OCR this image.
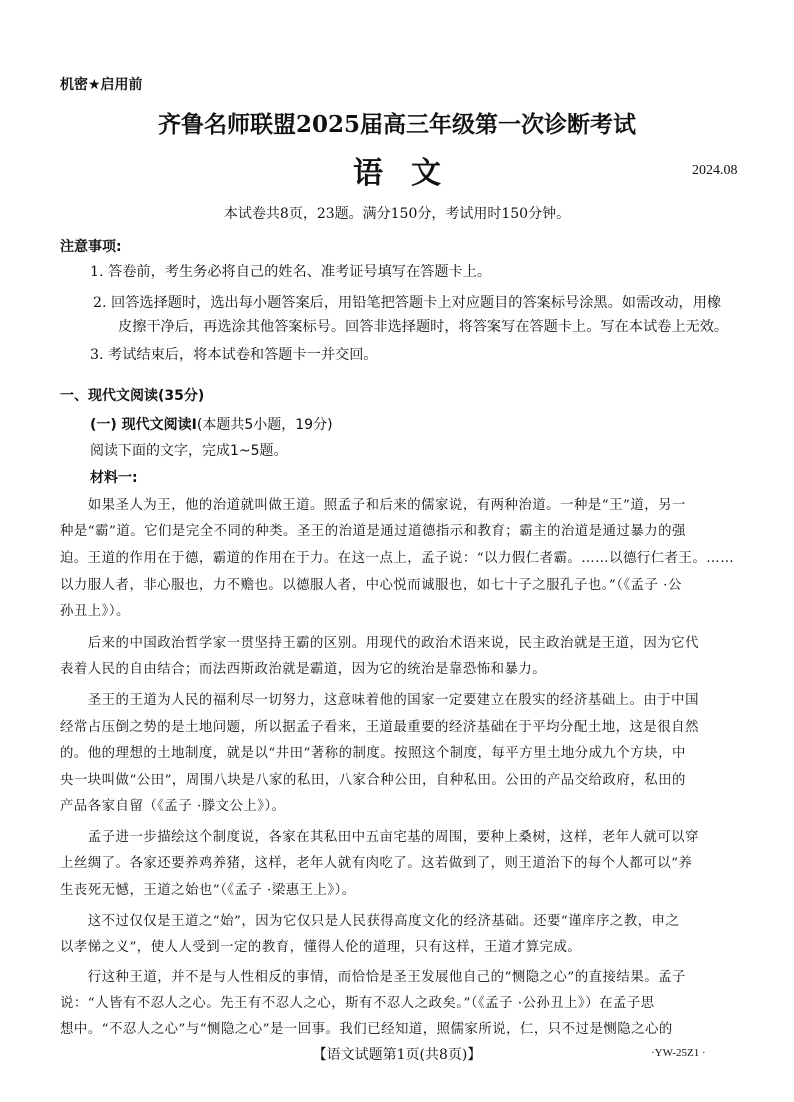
机密★启用前
齐鲁名师联盟2025届高三年级第一次诊断考试
语文	2024.08
本试卷共8页，23题。满分150分，考试用时150分钟。
注意事项:
1. 答卷前，考生务必将自己的姓名、准考证号填写在答题卡上。
2. 回答选择题时，选出每小题答案后，用铅笔把答题卡上对应题目的答案标号涂黑。如需改动，用橡
皮擦干净后，再选涂其他答案标号。回答非选择题时，将答案写在答题卡上。写在本试卷上无效。
3. 考试结束后，将本试卷和答题卡一并交回。
一、现代文阅读(35分)
(一) 现代文阅读Ⅰ(本题共5小题，19分)
阅读下面的文字，完成1~5题。
材料一:
　　如果圣人为王，他的治道就叫做王道。照孟子和后来的儒家说，有两种治道。一种是“王”道，另一
种是“霸”道。它们是完全不同的种类。圣王的治道是通过道德指示和教育；霸主的治道是通过暴力的强
迫。王道的作用在于德，霸道的作用在于力。在这一点上，孟子说：“以力假仁者霸。……以德行仁者王。……
以力服人者，非心服也，力不赡也。以德服人者，中心悦而诚服也，如七十子之服孔子也。”（《孟子 ·公
孙丑上》）。
　　后来的中国政治哲学家一贯坚持王霸的区别。用现代的政治术语来说，民主政治就是王道，因为它代
表着人民的自由结合；而法西斯政治就是霸道，因为它的统治是靠恐怖和暴力。
　　圣王的王道为人民的福利尽一切努力，这意味着他的国家一定要建立在殷实的经济基础上。由于中国
经常占压倒之势的是土地问题，所以据孟子看来，王道最重要的经济基础在于平均分配土地，这是很自然
的。他的理想的土地制度，就是以“井田”著称的制度。按照这个制度，每平方里土地分成九个方块，中
央一块叫做“公田”，周围八块是八家的私田，八家合种公田，自种私田。公田的产品交给政府，私田的
产品各家自留（《孟子 ·滕文公上》）。
　　孟子进一步描绘这个制度说，各家在其私田中五亩宅基的周围，要种上桑树，这样，老年人就可以穿
上丝绸了。各家还要养鸡养猪，这样，老年人就有肉吃了。这若做到了，则王道治下的每个人都可以“养
生丧死无憾，王道之始也”（《孟子 ·梁惠王上》）。
　　这不过仅仅是王道之“始”，因为它仅只是人民获得高度文化的经济基础。还要“谨庠序之教，申之
以孝悌之义”，使人人受到一定的教育，懂得人伦的道理，只有这样，王道才算完成。
　　行这种王道，并不是与人性相反的事情，而恰恰是圣王发展他自己的“恻隐之心”的直接结果。孟子
说：“人皆有不忍人之心。先王有不忍人之心，斯有不忍人之政矣。”（《孟子 ·公孙丑上》）在孟子思
想中。“不忍人之心”与“恻隐之心”是一回事。我们已经知道，照儒家所说，仁，只不过是恻隐之心的
【语文试题第1页(共8页)】	·YW-25Z1 ·
